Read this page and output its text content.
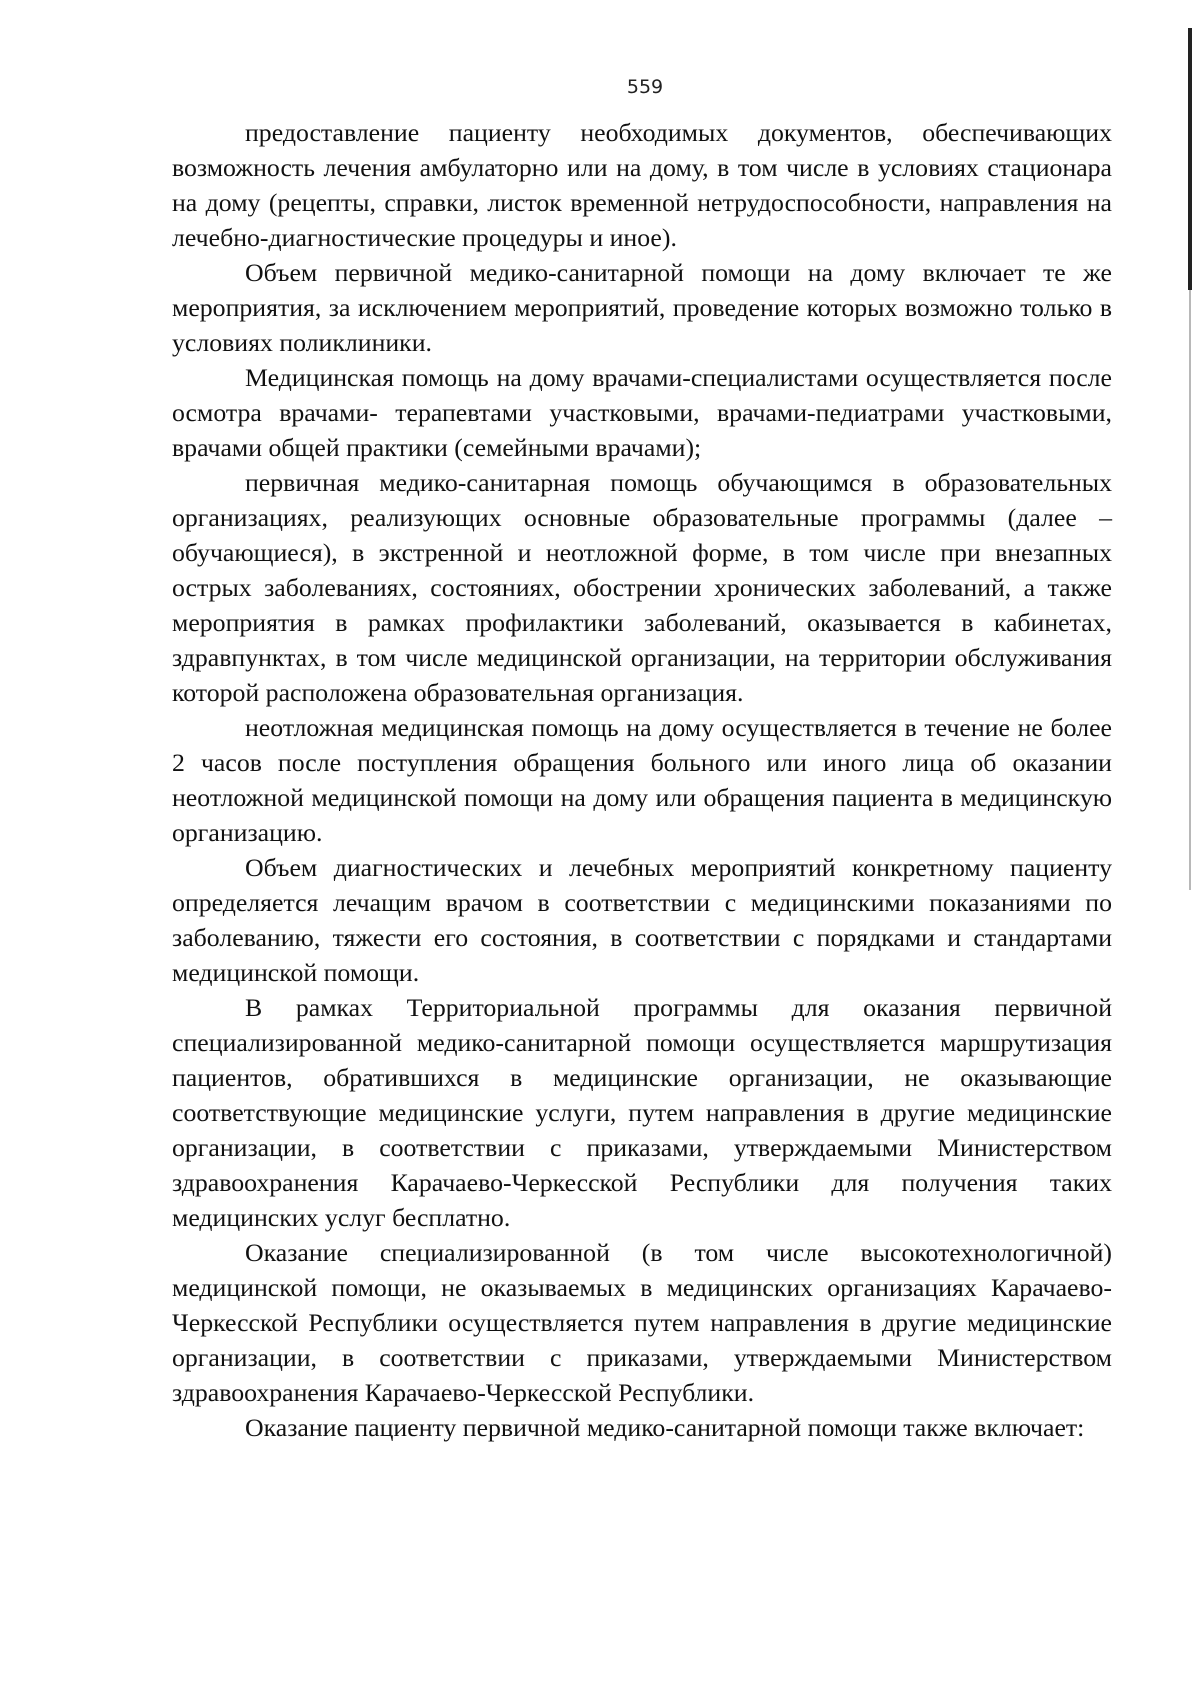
559

предоставление пациенту необходимых документов, обеспечивающих возможность лечения амбулаторно или на дому, в том числе в условиях стационара на дому (рецепты, справки, листок временной нетрудоспособности, направления на лечебно-диагностические процедуры и иное).

Объем первичной медико-санитарной помощи на дому включает те же мероприятия, за исключением мероприятий, проведение которых возможно только в условиях поликлиники.

Медицинская помощь на дому врачами-специалистами осуществляется после осмотра врачами- терапевтами участковыми, врачами-педиатрами участковыми, врачами общей практики (семейными врачами);

первичная медико-санитарная помощь обучающимся в образовательных организациях, реализующих основные образовательные программы (далее – обучающиеся), в экстренной и неотложной форме, в том числе при внезапных острых заболеваниях, состояниях, обострении хронических заболеваний, а также мероприятия в рамках профилактики заболеваний, оказывается в кабинетах, здравпунктах, в том числе медицинской организации, на территории обслуживания которой расположена образовательная организация.

неотложная медицинская помощь на дому осуществляется в течение не более 2 часов после поступления обращения больного или иного лица об оказании неотложной медицинской помощи на дому или обращения пациента в медицинскую организацию.

Объем диагностических и лечебных мероприятий конкретному пациенту определяется лечащим врачом в соответствии с медицинскими показаниями по заболеванию, тяжести его состояния, в соответствии с порядками и стандартами медицинской помощи.

В рамках Территориальной программы для оказания первичной специализированной медико-санитарной помощи осуществляется маршрутизация пациентов, обратившихся в медицинские организации, не оказывающие соответствующие медицинские услуги, путем направления в другие медицинские организации, в соответствии с приказами, утверждаемыми Министерством здравоохранения Карачаево-Черкесской Республики для получения таких медицинских услуг бесплатно.

Оказание специализированной (в том числе высокотехнологичной) медицинской помощи, не оказываемых в медицинских организациях Карачаево-Черкесской Республики осуществляется путем направления в другие медицинские организации, в соответствии с приказами, утверждаемыми Министерством здравоохранения Карачаево-Черкесской Республики.

Оказание пациенту первичной медико-санитарной помощи также включает:
